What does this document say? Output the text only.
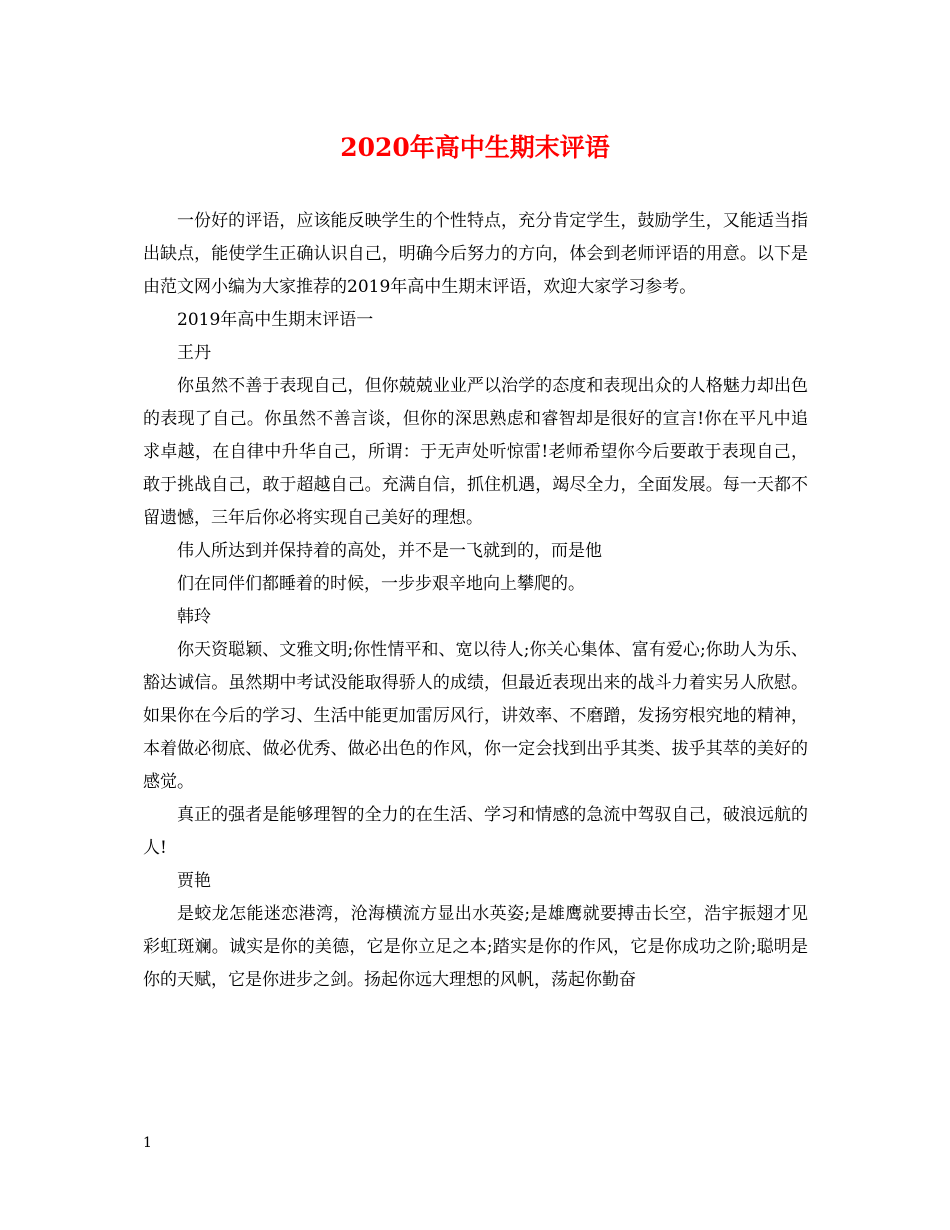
2020年高中生期末评语

一份好的评语，应该能反映学生的个性特点，充分肯定学生，鼓励学生，又能适当指出缺点，能使学生正确认识自己，明确今后努力的方向，体会到老师评语的用意。以下是由范文网小编为大家推荐的2019年高中生期末评语，欢迎大家学习参考。

2019年高中生期末评语一

王丹

你虽然不善于表现自己，但你兢兢业业严以治学的态度和表现出众的人格魅力却出色的表现了自己。你虽然不善言谈，但你的深思熟虑和睿智却是很好的宣言!你在平凡中追求卓越，在自律中升华自己，所谓：于无声处听惊雷!老师希望你今后要敢于表现自己，敢于挑战自己，敢于超越自己。充满自信，抓住机遇，竭尽全力，全面发展。每一天都不留遗憾，三年后你必将实现自己美好的理想。

伟人所达到并保持着的高处，并不是一飞就到的，而是他

们在同伴们都睡着的时候，一步步艰辛地向上攀爬的。

韩玲

你天资聪颖、文雅文明;你性情平和、宽以待人;你关心集体、富有爱心;你助人为乐、豁达诚信。虽然期中考试没能取得骄人的成绩，但最近表现出来的战斗力着实另人欣慰。如果你在今后的学习、生活中能更加雷厉风行，讲效率、不磨蹭，发扬穷根究地的精神，本着做必彻底、做必优秀、做必出色的作风，你一定会找到出乎其类、拔乎其萃的美好的感觉。

真正的强者是能够理智的全力的在生活、学习和情感的急流中驾驭自己，破浪远航的人!

贾艳

是蛟龙怎能迷恋港湾，沧海横流方显出水英姿;是雄鹰就要搏击长空，浩宇振翅才见彩虹斑斓。诚实是你的美德，它是你立足之本;踏实是你的作风，它是你成功之阶;聪明是你的天赋，它是你进步之剑。扬起你远大理想的风帆，荡起你勤奋

1
